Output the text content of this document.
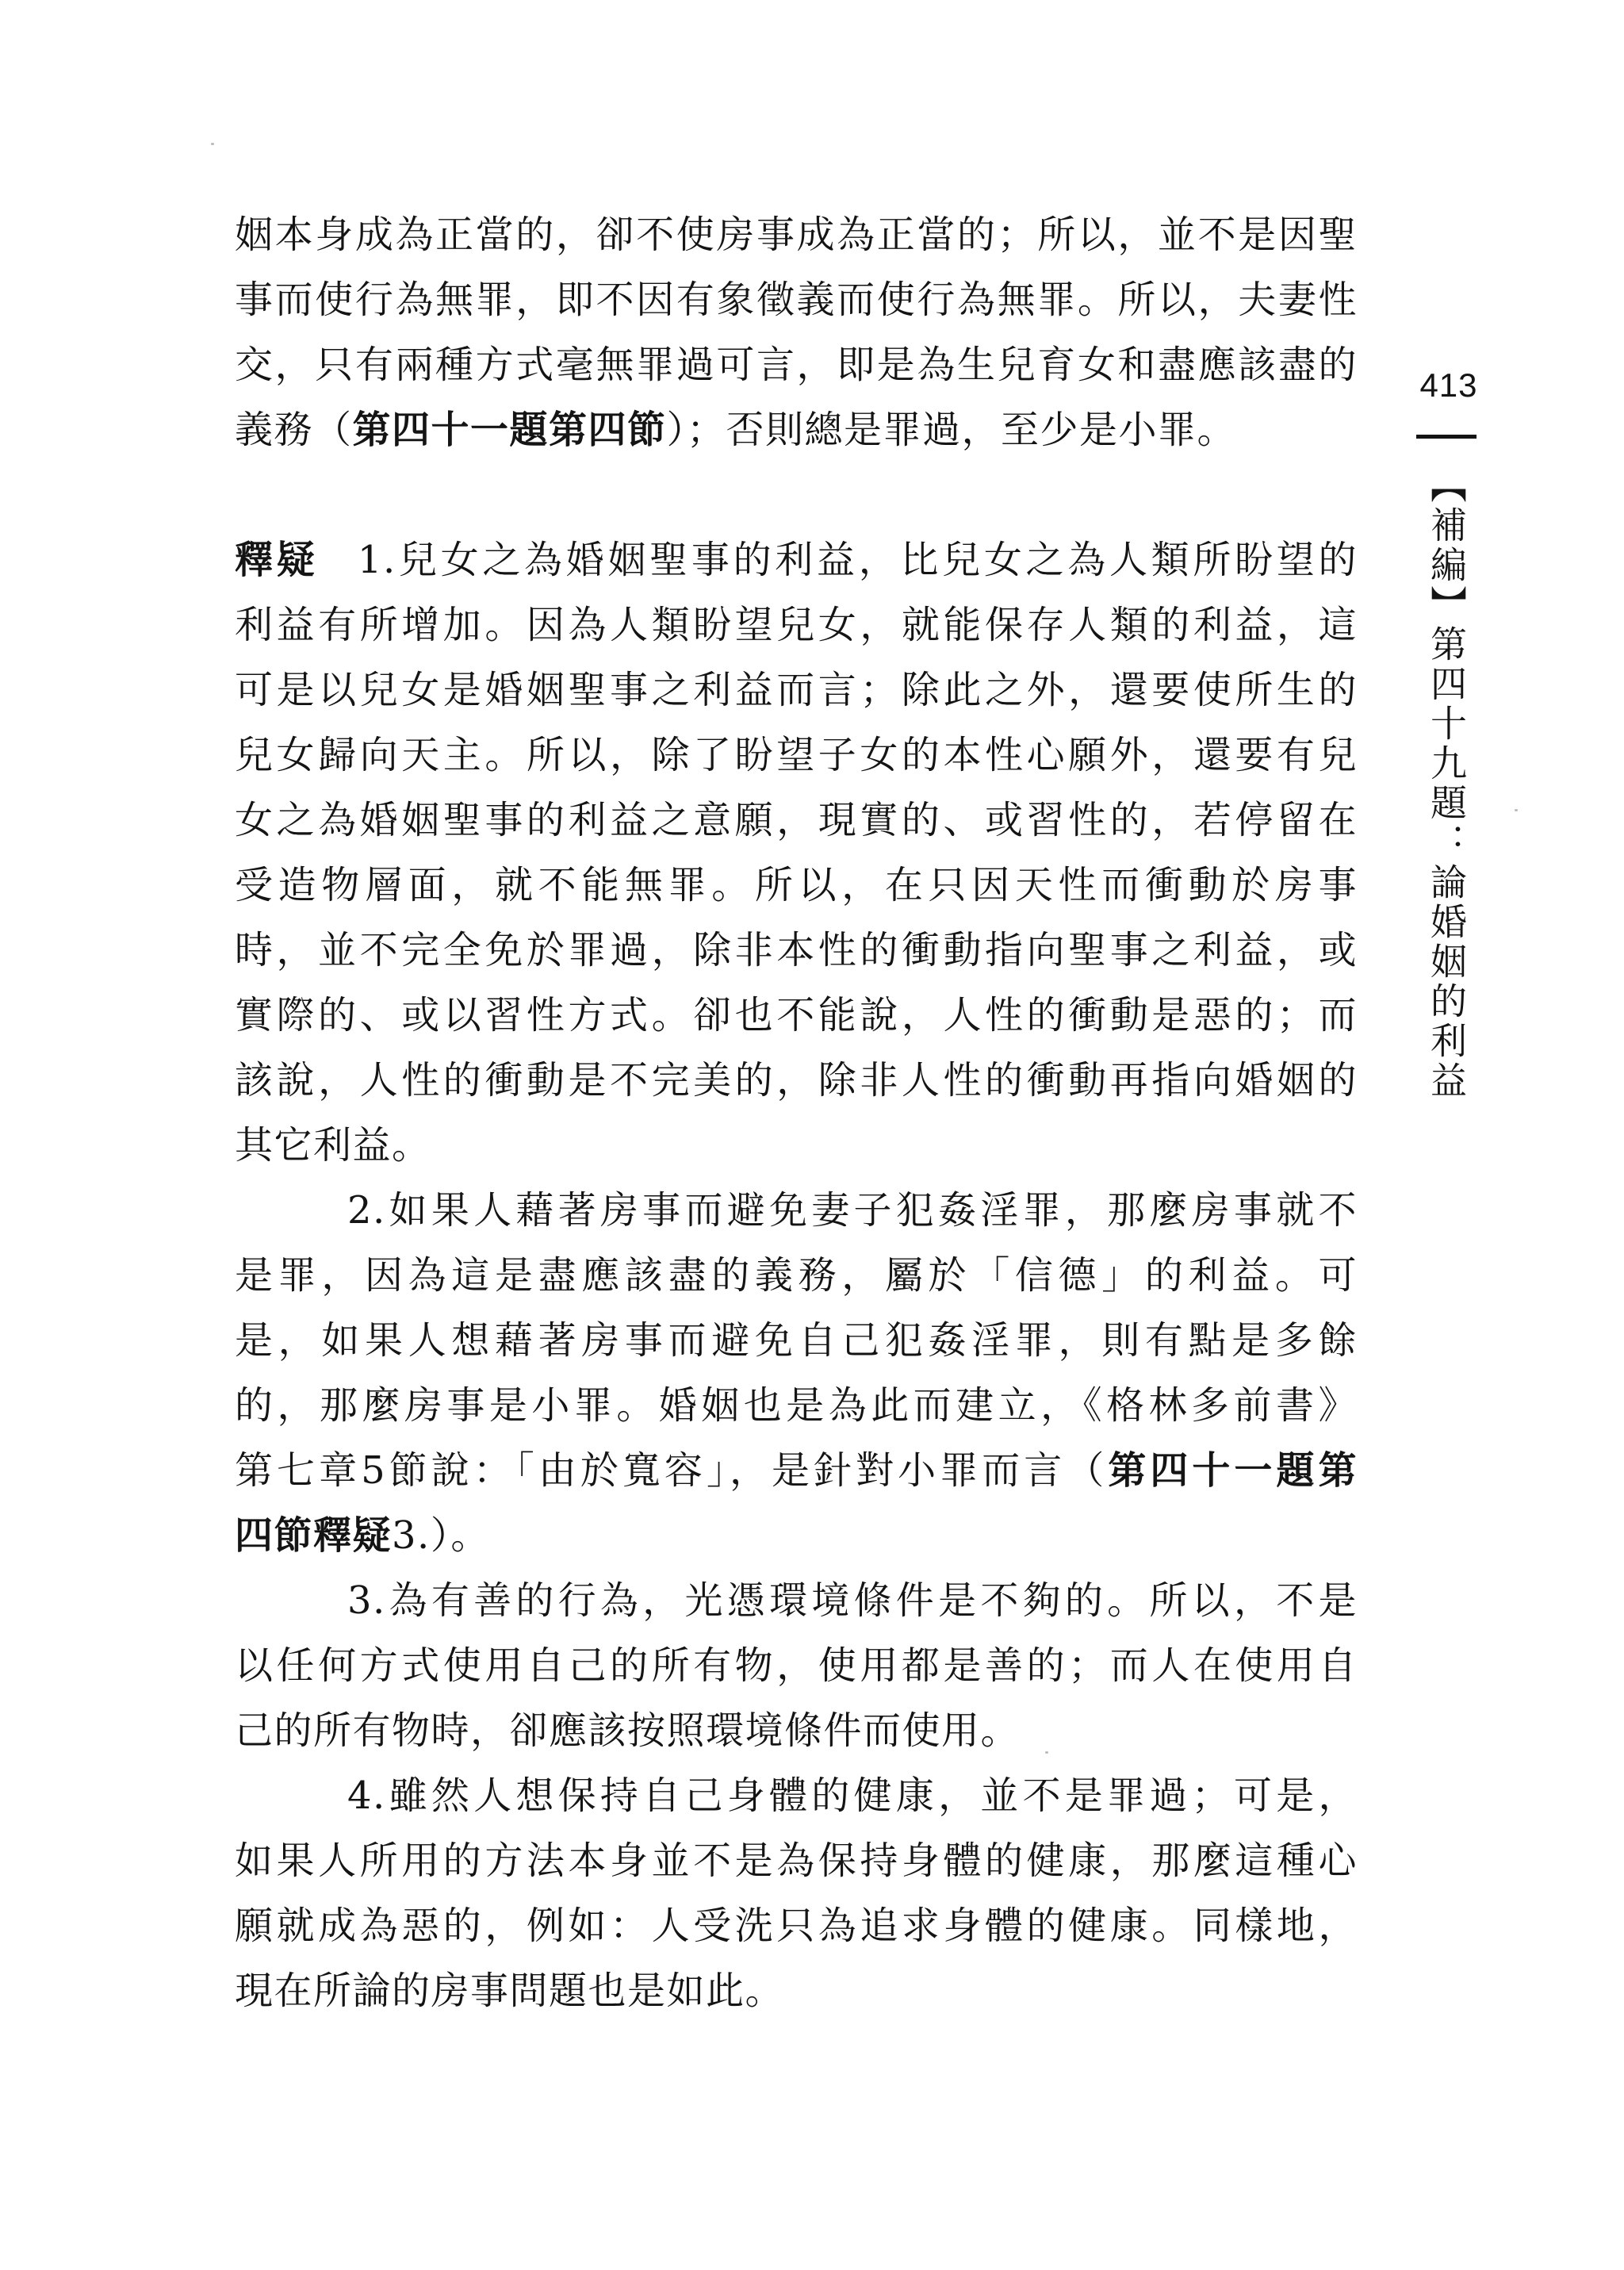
姻本身成為正當的，卻不使房事成為正當的；所以，並不是因聖
事而使行為無罪，即不因有象徵義而使行為無罪。所以，夫妻性
交，只有兩種方式毫無罪過可言，即是為生兒育女和盡應該盡的
義務（第四十一題第四節）；否則總是罪過，至少是小罪。
釋疑  1.兒女之為婚姻聖事的利益，比兒女之為人類所盼望的
利益有所增加。因為人類盼望兒女，就能保存人類的利益，這
可是以兒女是婚姻聖事之利益而言；除此之外，還要使所生的
兒女歸向天主。所以，除了盼望子女的本性心願外，還要有兒
女之為婚姻聖事的利益之意願，現實的、或習性的，若停留在
受造物層面，就不能無罪。所以，在只因天性而衝動於房事
時，並不完全免於罪過，除非本性的衝動指向聖事之利益，或
實際的、或以習性方式。卻也不能說，人性的衝動是惡的；而
該說，人性的衝動是不完美的，除非人性的衝動再指向婚姻的
其它利益。
2.如果人藉著房事而避免妻子犯姦淫罪，那麼房事就不
是罪，因為這是盡應該盡的義務，屬於「信德」的利益。可
是，如果人想藉著房事而避免自己犯姦淫罪，則有點是多餘
的，那麼房事是小罪。婚姻也是為此而建立，《格林多前書》
第七章5節說：「由於寬容」，是針對小罪而言（第四十一題第
四節釋疑3.）。
3.為有善的行為，光憑環境條件是不夠的。所以，不是
以任何方式使用自己的所有物，使用都是善的；而人在使用自
己的所有物時，卻應該按照環境條件而使用。
4.雖然人想保持自己身體的健康，並不是罪過；可是，
如果人所用的方法本身並不是為保持身體的健康，那麼這種心
願就成為惡的，例如：人受洗只為追求身體的健康。同樣地，
現在所論的房事問題也是如此。
413
【補編】第四十九題：論婚姻的利益
